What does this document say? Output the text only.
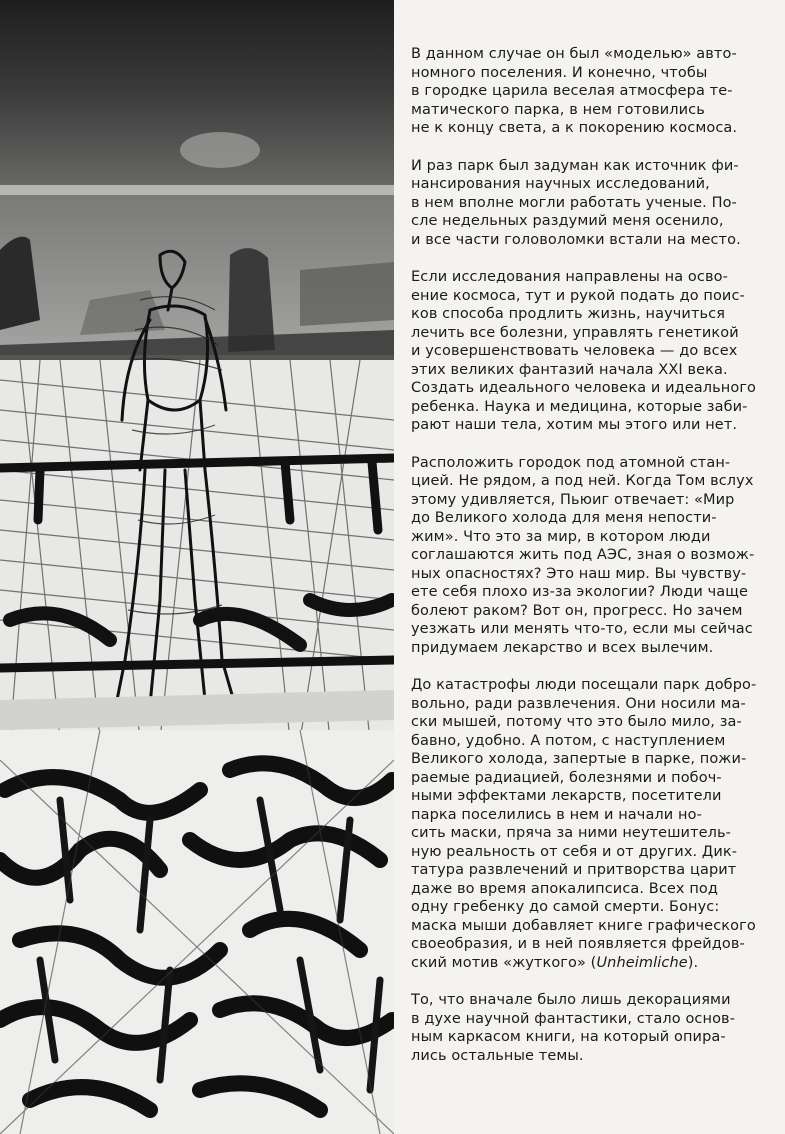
В данном случае он был «моделью» авто-
номного поселения. И конечно, чтобы
в городке царила веселая атмосфера те-
матического парка, в нем готовились
не к концу света, а к покорению космоса.
И раз парк был задуман как источник фи-
нансирования научных исследований,
в нем вполне могли работать ученые. По-
сле недельных раздумий меня осенило,
и все части головоломки встали на место.
Если исследования направлены на осво-
ение космоса, тут и рукой подать до поис-
ков способа продлить жизнь, научиться
лечить все болезни, управлять генетикой
и усовершенствовать человека — до всех
этих великих фантазий начала XXI века.
Создать идеального человека и идеального
ребенка. Наука и медицина, которые заби-
рают наши тела, хотим мы этого или нет.
Расположить городок под атомной стан-
цией. Не рядом, а под ней. Когда Том вслух
этому удивляется, Пьюиг отвечает: «Мир
до Великого холода для меня непости-
жим». Что это за мир, в котором люди
соглашаются жить под АЭС, зная о возмож-
ных опасностях? Это наш мир. Вы чувству-
ете себя плохо из-за экологии? Люди чаще
болеют раком? Вот он, прогресс. Но зачем
уезжать или менять что-то, если мы сейчас
придумаем лекарство и всех вылечим.
До катастрофы люди посещали парк добро-
вольно, ради развлечения. Они носили ма-
ски мышей, потому что это было мило, за-
бавно, удобно. А потом, с наступлением
Великого холода, запертые в парке, пожи-
раемые радиацией, болезнями и побоч-
ными эффектами лекарств, посетители
парка поселились в нем и начали но-
сить маски, пряча за ними неутешитель-
ную реальность от себя и от других. Дик-
татура развлечений и притворства царит
даже во время апокалипсиса. Всех под
одну гребенку до самой смерти. Бонус:
маска мыши добавляет книге графического
своеобразия, и в ней появляется фрейдов-
ский мотив «жуткого» (Unheimliche).
То, что вначале было лишь декорациями
в духе научной фантастики, стало основ-
ным каркасом книги, на который опира-
лись остальные темы.
